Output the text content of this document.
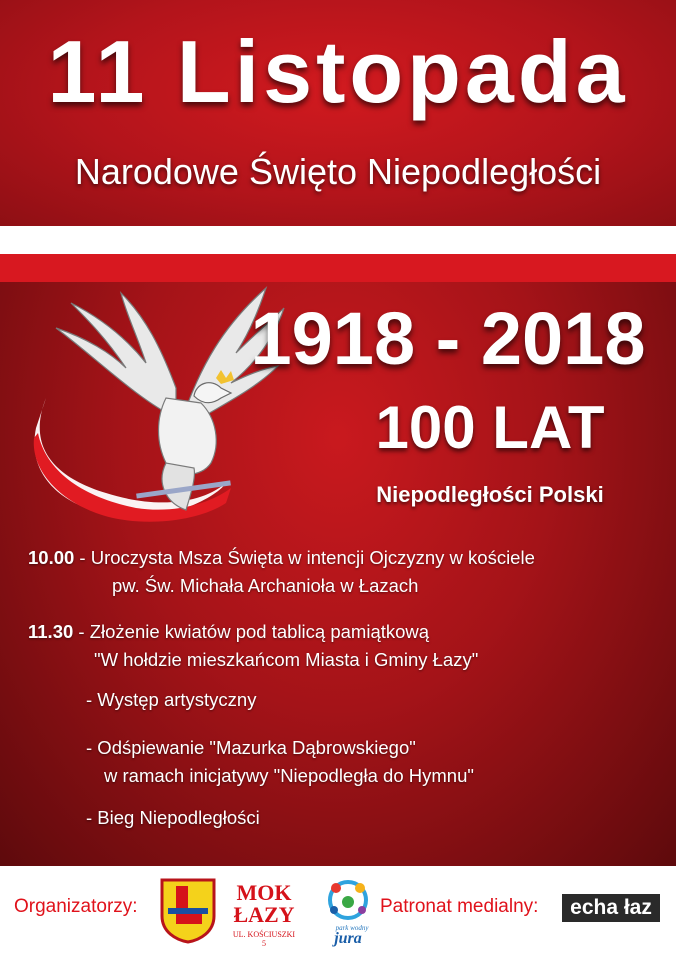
11 Listopada
Narodowe Święto Niepodległości
1918 - 2018
100 LAT
Niepodległości Polski
10.00 - Uroczysta Msza Święta w intencji Ojczyzny w kościele
pw. Św. Michała Archanioła w Łazach
11.30 - Złożenie kwiatów pod tablicą pamiątkową
"W hołdzie mieszkańcom Miasta i Gminy Łazy"
- Występ artystyczny
- Odśpiewanie "Mazurka Dąbrowskiego"
w ramach inicjatywy "Niepodległa do Hymnu"
- Bieg Niepodległości
Organizatorzy:
MOK
ŁAZY
UL. KOŚCIUSZKI 5
park wodny
jura
Patronat medialny:	echa łaz
